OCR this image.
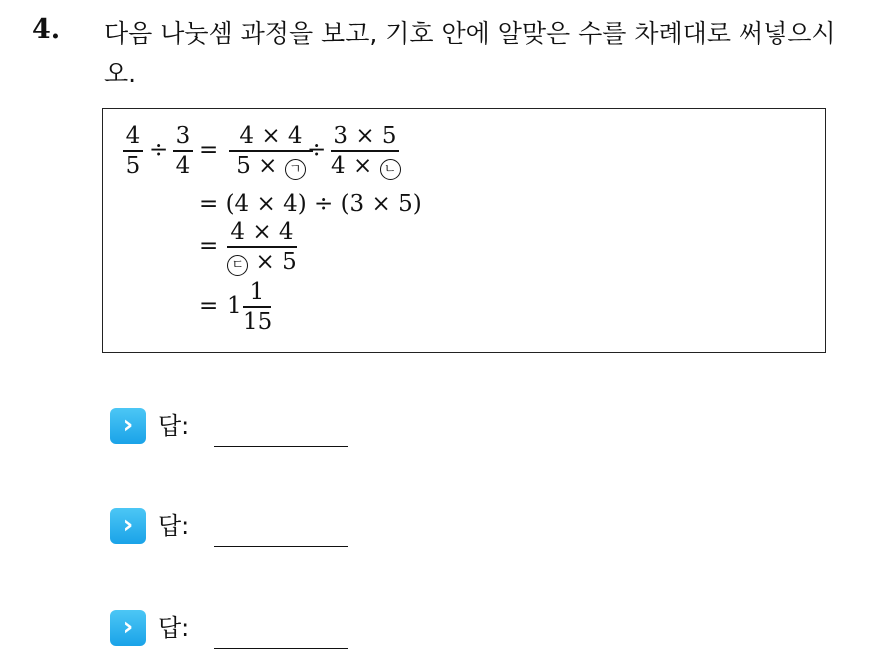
4. 다음 나눗셈 과정을 보고, 기호 안에 알맞은 수를 차례대로 써넣으시오.
4
5
÷
3
4
=
4 × 4
5 × ㄱ
÷
3 × 5
4 × ㄴ
= (4 × 4) ÷ (3 × 5)
=
4 × 4
ㄷ × 5
= 1
1
15
›	답:
›	답:
›	답:
